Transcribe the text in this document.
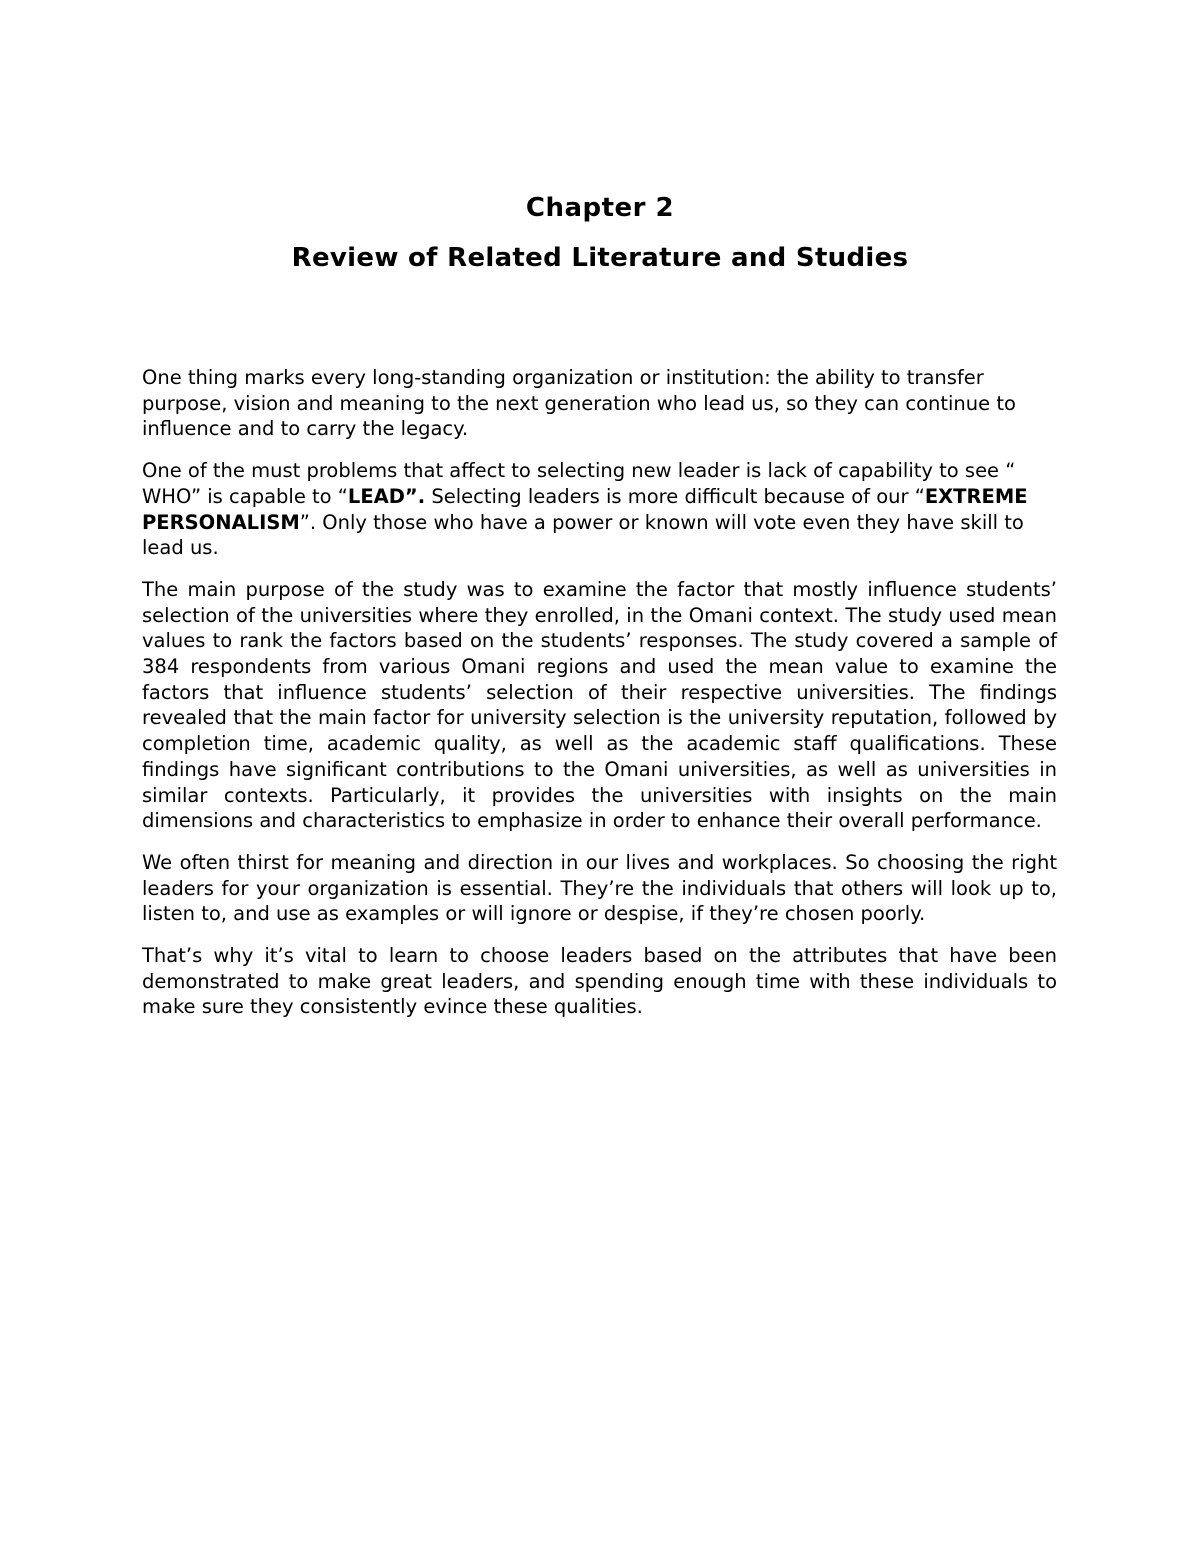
Chapter 2
Review of Related Literature and Studies

One thing marks every long-standing organization or institution: the ability to transfer purpose, vision and meaning to the next generation who lead us, so they can continue to influence and to carry the legacy.

One of the must problems that affect to selecting new leader is lack of capability to see “ WHO” is capable to “LEAD”. Selecting leaders is more difficult because of our “EXTREME PERSONALISM”. Only those who have a power or known will vote even they have skill to lead us.

The main purpose of the study was to examine the factor that mostly influence students’ selection of the universities where they enrolled, in the Omani context. The study used mean values to rank the factors based on the students’ responses. The study covered a sample of 384 respondents from various Omani regions and used the mean value to examine the factors that influence students’ selection of their respective universities. The findings revealed that the main factor for university selection is the university reputation, followed by completion time, academic quality, as well as the academic staff qualifications. These findings have significant contributions to the Omani universities, as well as universities in similar contexts. Particularly, it provides the universities with insights on the main dimensions and characteristics to emphasize in order to enhance their overall performance.

We often thirst for meaning and direction in our lives and workplaces. So choosing the right leaders for your organization is essential. They’re the individuals that others will look up to, listen to, and use as examples or will ignore or despise, if they’re chosen poorly.

That’s why it’s vital to learn to choose leaders based on the attributes that have been demonstrated to make great leaders, and spending enough time with these individuals to make sure they consistently evince these qualities.
